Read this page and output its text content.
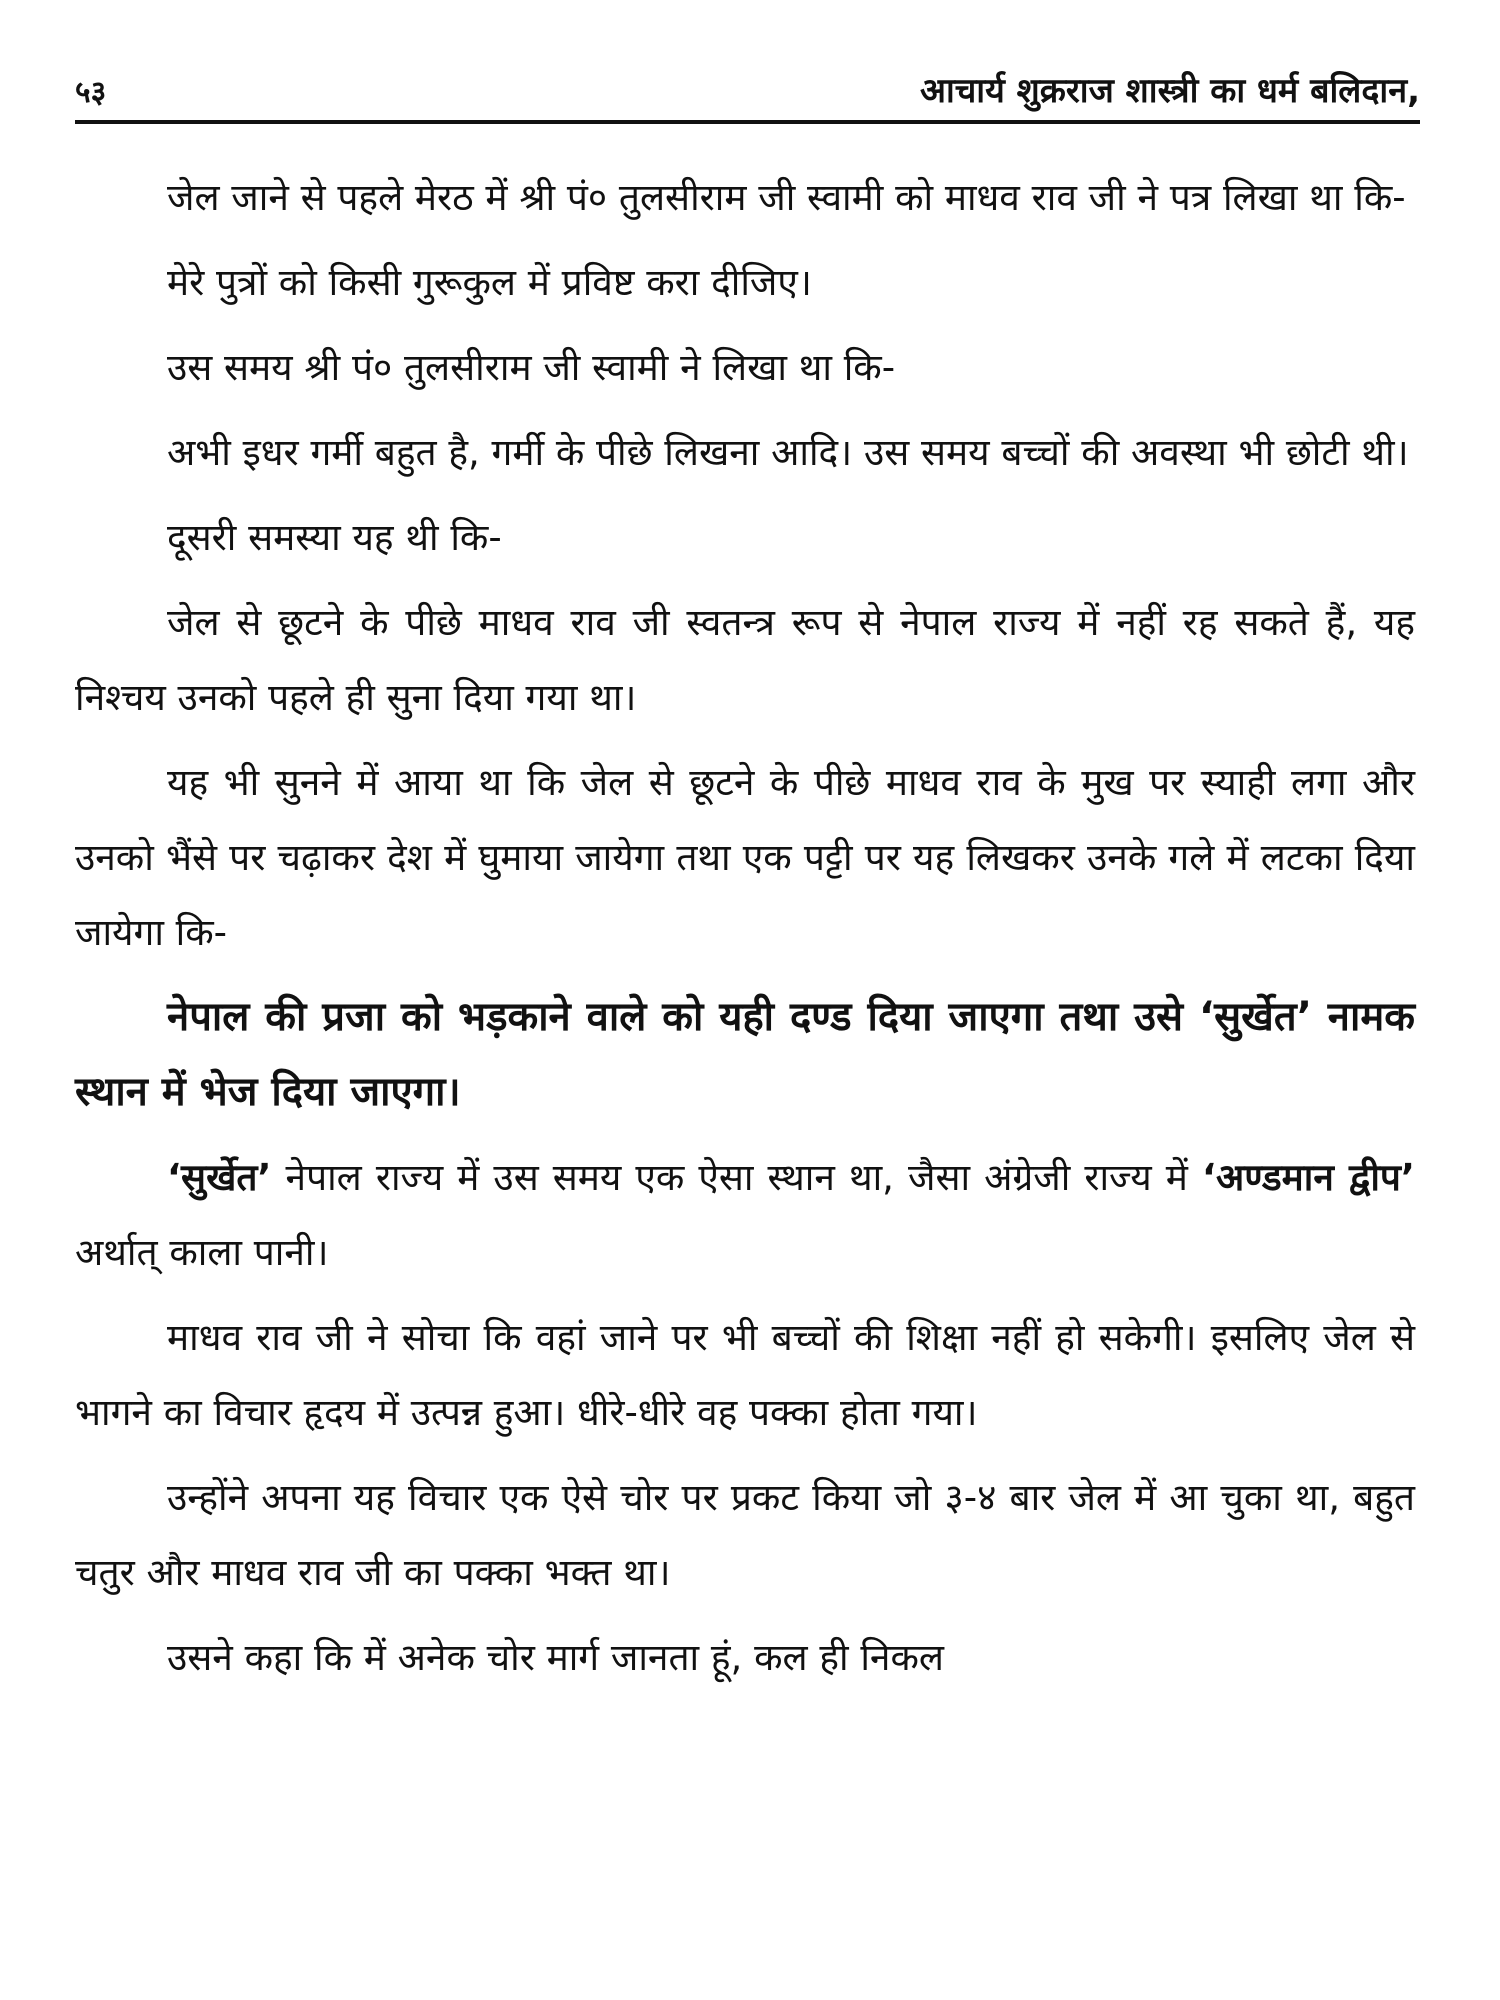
५३	आचार्य शुक्रराज शास्त्री का धर्म बलिदान,

जेल जाने से पहले मेरठ में श्री पं० तुलसीराम जी स्वामी को माधव राव जी ने पत्र लिखा था कि-

मेरे पुत्रों को किसी गुरूकुल में प्रविष्ट करा दीजिए।

उस समय श्री पं० तुलसीराम जी स्वामी ने लिखा था कि-

अभी इधर गर्मी बहुत है, गर्मी के पीछे लिखना आदि। उस समय बच्चों की अवस्था भी छोटी थी।

दूसरी समस्या यह थी कि-

जेल से छूटने के पीछे माधव राव जी स्वतन्त्र रूप से नेपाल राज्य में नहीं रह सकते हैं, यह निश्चय उनको पहले ही सुना दिया गया था।

यह भी सुनने में आया था कि जेल से छूटने के पीछे माधव राव के मुख पर स्याही लगा और उनको भैंसे पर चढ़ाकर देश में घुमाया जायेगा तथा एक पट्टी पर यह लिखकर उनके गले में लटका दिया जायेगा कि-

नेपाल की प्रजा को भड़काने वाले को यही दण्ड दिया जाएगा तथा उसे ‘सुर्खेत’ नामक स्थान में भेज दिया जाएगा।

‘सुर्खेत’ नेपाल राज्य में उस समय एक ऐसा स्थान था, जैसा अंग्रेजी राज्य में ‘अण्डमान द्वीप’ अर्थात् काला पानी।

माधव राव जी ने सोचा कि वहां जाने पर भी बच्चों की शिक्षा नहीं हो सकेगी। इसलिए जेल से भागने का विचार हृदय में उत्पन्न हुआ। धीरे-धीरे वह पक्का होता गया।

उन्होंने अपना यह विचार एक ऐसे चोर पर प्रकट किया जो ३-४ बार जेल में आ चुका था, बहुत चतुर और माधव राव जी का पक्का भक्त था।

उसने कहा कि में अनेक चोर मार्ग जानता हूं, कल ही निकल
